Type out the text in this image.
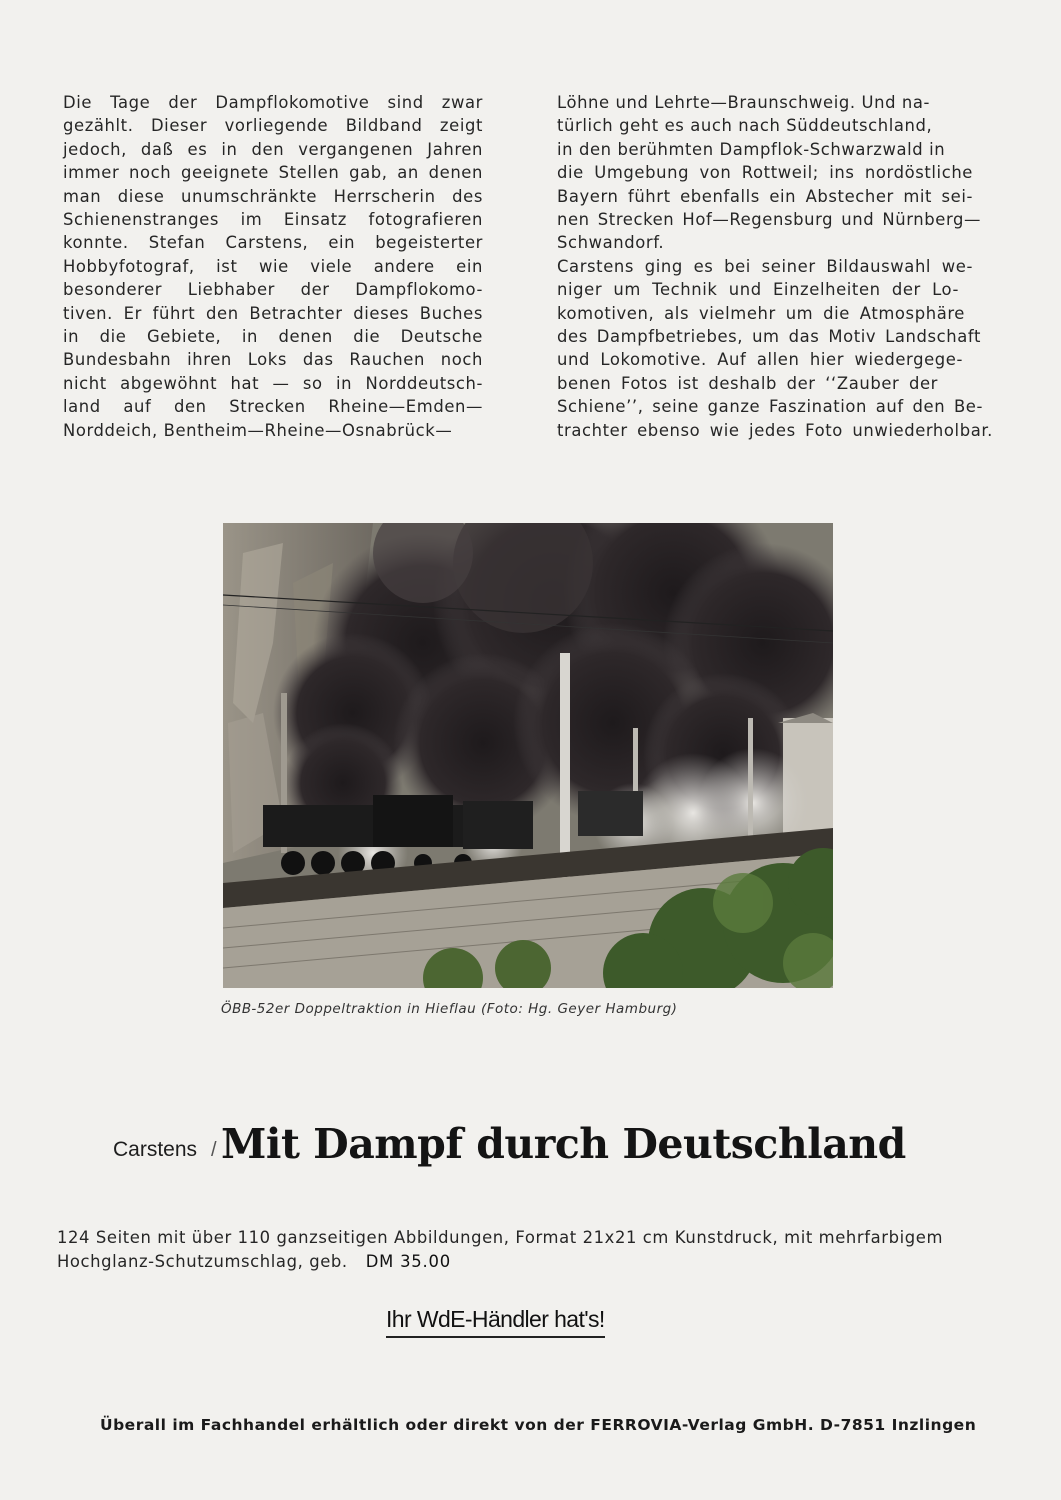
Die Tage der Dampflokomotive sind zwar
gezählt. Dieser vorliegende Bildband zeigt
jedoch, daß es in den vergangenen Jahren
immer noch geeignete Stellen gab, an denen
man diese unumschränkte Herrscherin des
Schienenstranges im Einsatz fotografieren
konnte. Stefan Carstens, ein begeisterter
Hobbyfotograf, ist wie viele andere ein
besonderer Liebhaber der Dampflokomo-
tiven. Er führt den Betrachter dieses Buches
in die Gebiete, in denen die Deutsche
Bundesbahn ihren Loks das Rauchen noch
nicht abgewöhnt hat — so in Norddeutsch-
land auf den Strecken Rheine—Emden—
Norddeich, Bentheim—Rheine—Osnabrück—
Löhne und Lehrte—Braunschweig. Und na-
türlich geht es auch nach Süddeutschland,
in den berühmten Dampflok-Schwarzwald in
die Umgebung von Rottweil; ins nordöstliche
Bayern führt ebenfalls ein Abstecher mit sei-
nen Strecken Hof—Regensburg und Nürnberg—
Schwandorf.
Carstens ging es bei seiner Bildauswahl we-
niger um Technik und Einzelheiten der Lo-
komotiven, als vielmehr um die Atmosphäre
des Dampfbetriebes, um das Motiv Landschaft
und Lokomotive. Auf allen hier wiedergege-
benen Fotos ist deshalb der ‘‘Zauber der
Schiene’’, seine ganze Faszination auf den Be-
trachter ebenso wie jedes Foto unwiederholbar.
ÖBB-52er Doppeltraktion in Hieflau (Foto: Hg. Geyer Hamburg)
Carstens / Mit Dampf durch Deutschland
124 Seiten mit über 110 ganzseitigen Abbildungen, Format 21x21 cm Kunstdruck, mit mehrfarbigem Hochglanz-Schutzumschlag, geb. DM 35.00
Ihr WdE-Händler hat's!
Überall im Fachhandel erhältlich oder direkt von der FERROVIA-Verlag GmbH. D-7851 Inzlingen
